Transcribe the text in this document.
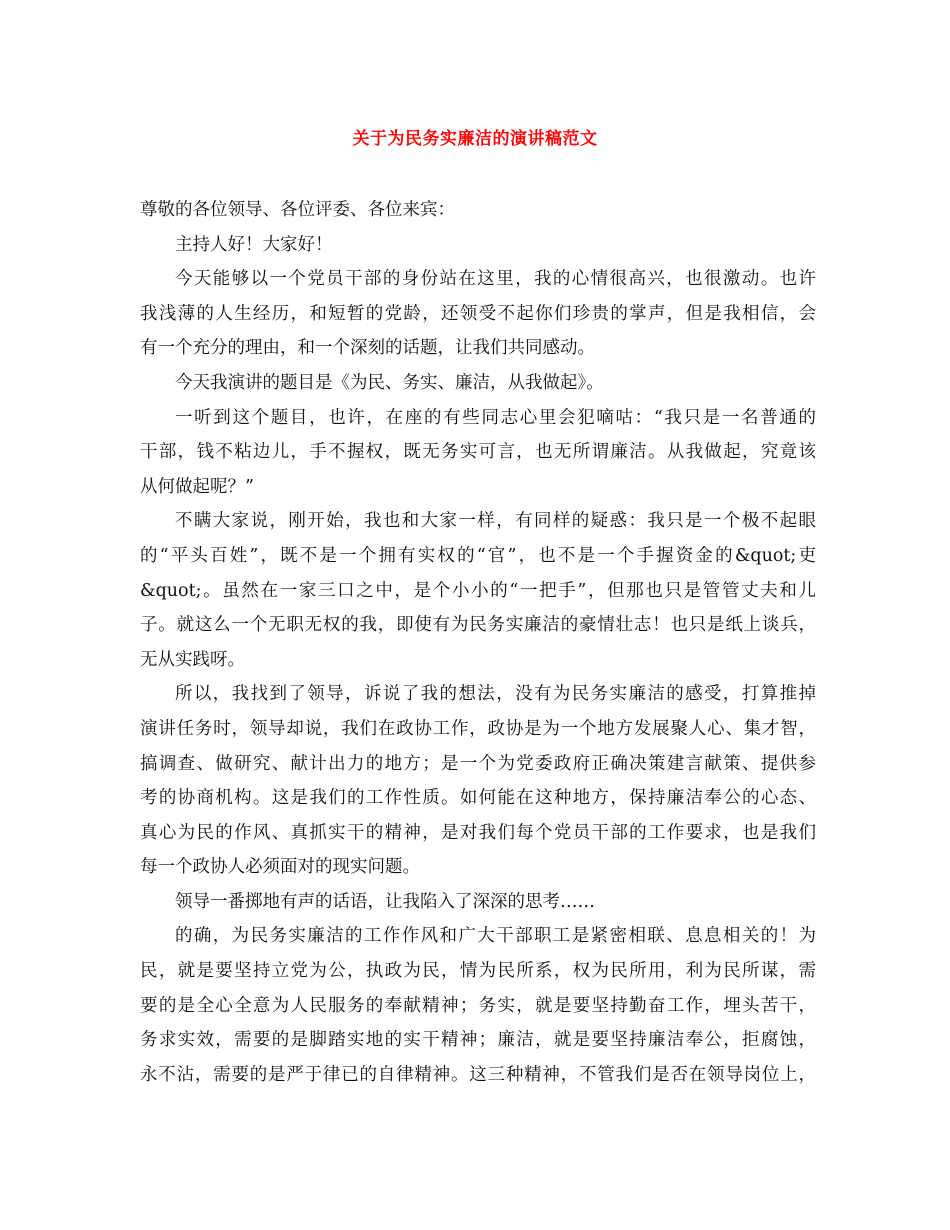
关于为民务实廉洁的演讲稿范文
尊敬的各位领导、各位评委、各位来宾：
主持人好！大家好！
今天能够以一个党员干部的身份站在这里，我的心情很高兴，也很激动。也许
我浅薄的人生经历，和短暂的党龄，还领受不起你们珍贵的掌声，但是我相信，会
有一个充分的理由，和一个深刻的话题，让我们共同感动。
今天我演讲的题目是《为民、务实、廉洁，从我做起》。
一听到这个题目，也许，在座的有些同志心里会犯嘀咕：“我只是一名普通的
干部，钱不粘边儿，手不握权，既无务实可言，也无所谓廉洁。从我做起，究竟该
从何做起呢？”
不瞒大家说，刚开始，我也和大家一样，有同样的疑惑：我只是一个极不起眼
的“平头百姓”，既不是一个拥有实权的“官”，也不是一个手握资金的&quot;吏
&quot;。虽然在一家三口之中，是个小小的“一把手”，但那也只是管管丈夫和儿
子。就这么一个无职无权的我，即使有为民务实廉洁的豪情壮志！也只是纸上谈兵，
无从实践呀。
所以，我找到了领导，诉说了我的想法，没有为民务实廉洁的感受，打算推掉
演讲任务时，领导却说，我们在政协工作，政协是为一个地方发展聚人心、集才智，
搞调查、做研究、献计出力的地方；是一个为党委政府正确决策建言献策、提供参
考的协商机构。这是我们的工作性质。如何能在这种地方，保持廉洁奉公的心态、
真心为民的作风、真抓实干的精神，是对我们每个党员干部的工作要求，也是我们
每一个政协人必须面对的现实问题。
领导一番掷地有声的话语，让我陷入了深深的思考……
的确，为民务实廉洁的工作作风和广大干部职工是紧密相联、息息相关的！为
民，就是要坚持立党为公，执政为民，情为民所系，权为民所用，利为民所谋，需
要的是全心全意为人民服务的奉献精神；务实，就是要坚持勤奋工作，埋头苦干，
务求实效，需要的是脚踏实地的实干精神；廉洁，就是要坚持廉洁奉公，拒腐蚀，
永不沾，需要的是严于律已的自律精神。这三种精神，不管我们是否在领导岗位上，
